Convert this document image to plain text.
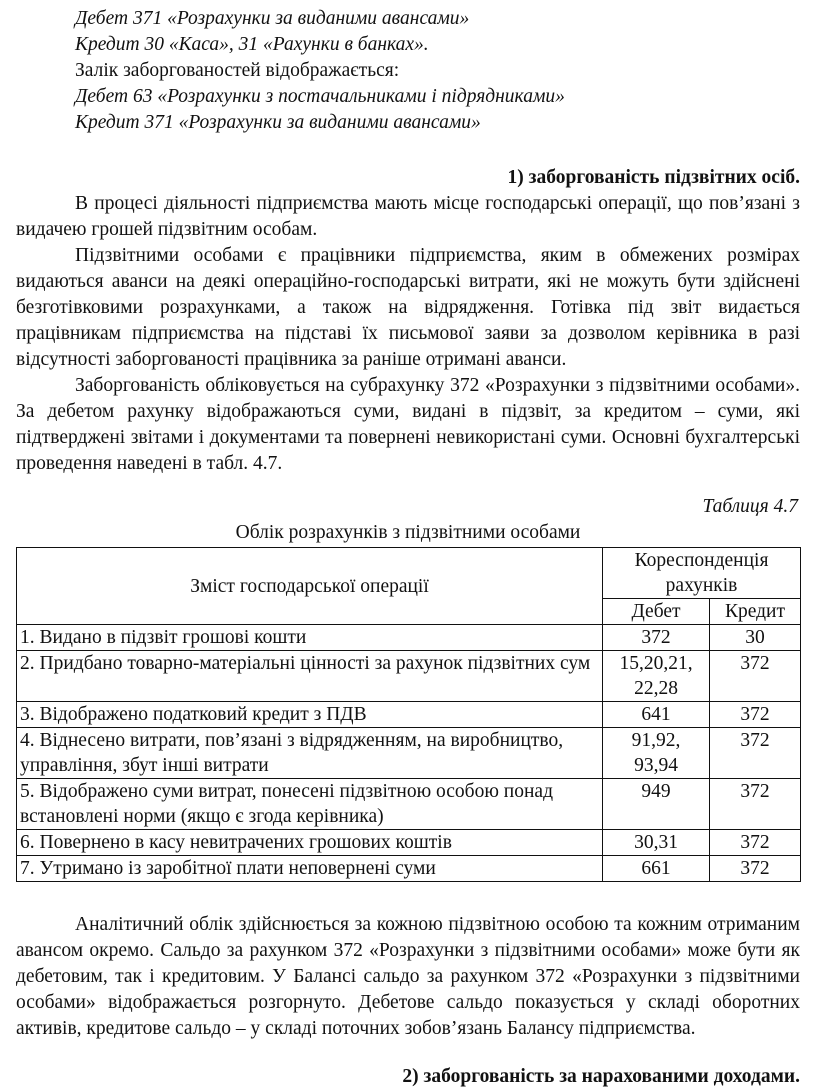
Дебет 371 «Розрахунки за виданими авансами»

Кредит 30 «Каса», 31 «Рахунки в банках».

Залік заборгованостей відображається:

Дебет 63 «Розрахунки з постачальниками і підрядниками»

Кредит 371 «Розрахунки за виданими авансами»

1) заборгованість підзвітних осіб.

В процесі діяльності підприємства мають місце господарські операції, що пов’язані з видачею грошей підзвітним особам.

Підзвітними особами є працівники підприємства, яким в обмежених розмірах видаються аванси на деякі операційно-господарські витрати, які не можуть бути здійснені безготівковими розрахунками, а також на відрядження. Готівка під звіт видається працівникам підприємства на підставі їх письмової заяви за дозволом керівника в разі відсутності заборгованості працівника за раніше отримані аванси.

Заборгованість обліковується на субрахунку 372 «Розрахунки з підзвітними особами». За дебетом рахунку відображаються суми, видані в підзвіт, за кредитом – суми, які підтверджені звітами і документами та повернені невикористані суми. Основні бухгалтерські проведення наведені в табл. 4.7.

Таблиця 4.7
Облік розрахунків з підзвітними особами
Зміст господарської операції	Кореспонденція рахунків	
	Дебет	Кредит
1. Видано в підзвіт грошові кошти	372	30
2. Придбано товарно-матеріальні цінності за рахунок підзвітних сум	15,20,21, 22,28	372
3. Відображено податковий кредит з ПДВ	641	372
4. Віднесено витрати, пов’язані з відрядженням, на виробництво, управління, збут інші витрати	91,92, 93,94	372
5. Відображено суми витрат, понесені підзвітною особою понад встановлені норми (якщо є згода керівника)	949	372
6. Повернено в касу невитрачених грошових коштів	30,31	372
7. Утримано із заробітної плати неповернені суми	661	372

Аналітичний облік здійснюється за кожною підзвітною особою та кожним отриманим авансом окремо. Сальдо за рахунком 372 «Розрахунки з підзвітними особами» може бути як дебетовим, так і кредитовим. У Балансі сальдо за рахунком 372 «Розрахунки з підзвітними особами» відображається розгорнуто. Дебетове сальдо показується у складі оборотних активів, кредитове сальдо – у складі поточних зобов’язань Балансу підприємства.

2) заборгованість за нарахованими доходами.
